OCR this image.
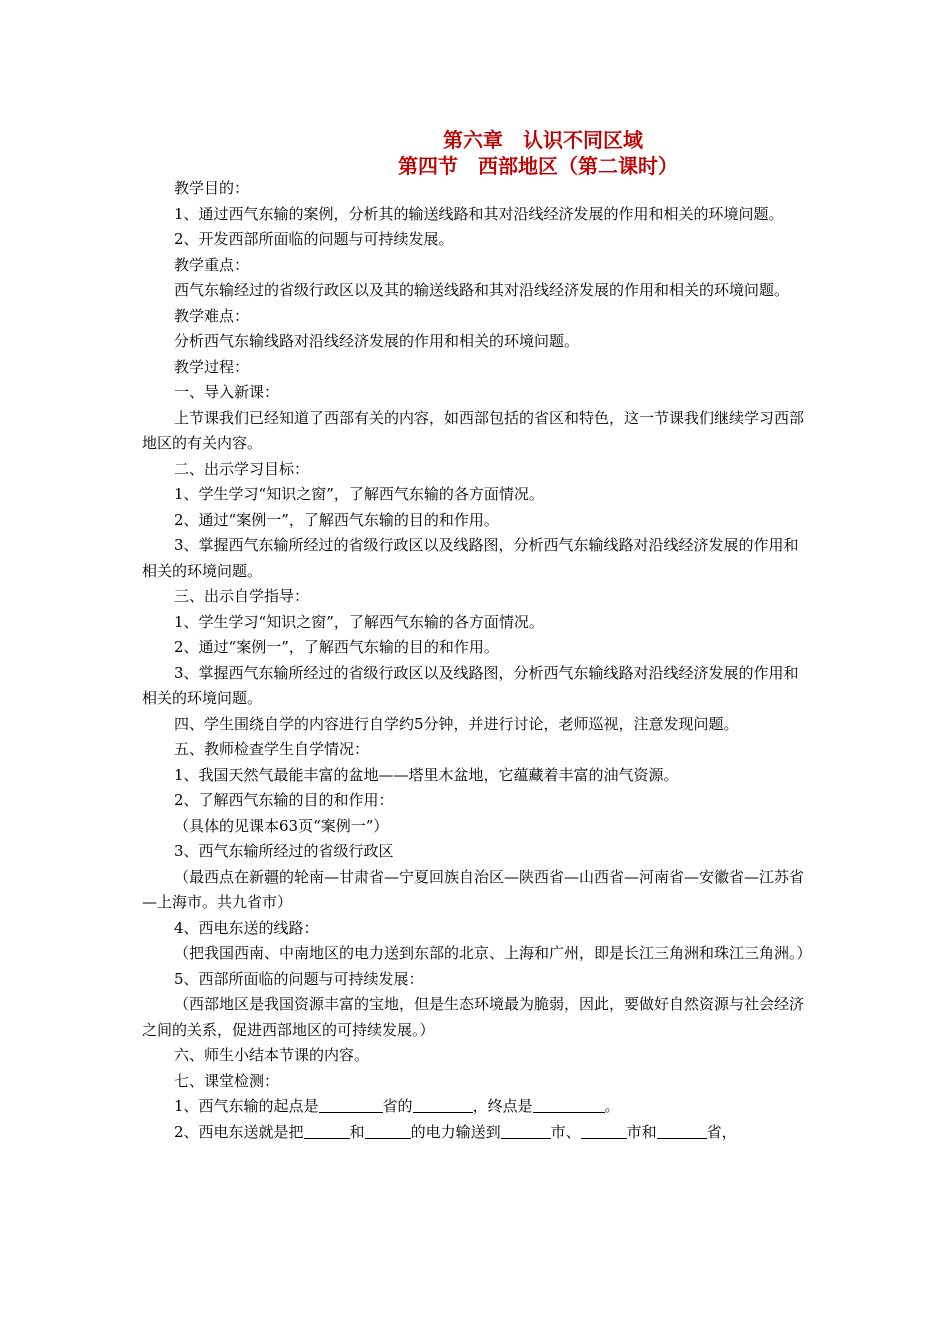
第六章　认识不同区域
第四节　西部地区（第二课时）

教学目的：

1、通过西气东输的案例，分析其的输送线路和其对沿线经济发展的作用和相关的环境问题。

2、开发西部所面临的问题与可持续发展。

教学重点：

西气东输经过的省级行政区以及其的输送线路和其对沿线经济发展的作用和相关的环境问题。

教学难点：

分析西气东输线路对沿线经济发展的作用和相关的环境问题。

教学过程：

一、导入新课：

上节课我们已经知道了西部有关的内容，如西部包括的省区和特色，这一节课我们继续学习西部地区的有关内容。

二、出示学习目标：

1、学生学习“知识之窗”，了解西气东输的各方面情况。

2、通过“案例一”，了解西气东输的目的和作用。

3、掌握西气东输所经过的省级行政区以及线路图，分析西气东输线路对沿线经济发展的作用和相关的环境问题。

三、出示自学指导：

1、学生学习“知识之窗”，了解西气东输的各方面情况。

2、通过“案例一”，了解西气东输的目的和作用。

3、掌握西气东输所经过的省级行政区以及线路图，分析西气东输线路对沿线经济发展的作用和相关的环境问题。

四、学生围绕自学的内容进行自学约5分钟，并进行讨论，老师巡视，注意发现问题。

五、教师检查学生自学情况：

1、我国天然气最能丰富的盆地——塔里木盆地，它蕴藏着丰富的油气资源。

2、了解西气东输的目的和作用：

（具体的见课本63页“案例一”）

3、西气东输所经过的省级行政区

（最西点在新疆的轮南—甘肃省—宁夏回族自治区—陕西省—山西省—河南省—安徽省—江苏省—上海市。共九省市）

4、西电东送的线路：

（把我国西南、中南地区的电力送到东部的北京、上海和广州，即是长江三角洲和珠江三角洲。）

5、西部所面临的问题与可持续发展：

（西部地区是我国资源丰富的宝地，但是生态环境最为脆弱，因此，要做好自然资源与社会经济之间的关系，促进西部地区的可持续发展。）

六、师生小结本节课的内容。

七、课堂检测：

1、西气东输的起点是	省的	，终点是	。

2、西电东送就是把	和	的电力输送到	市、	市和	省，
